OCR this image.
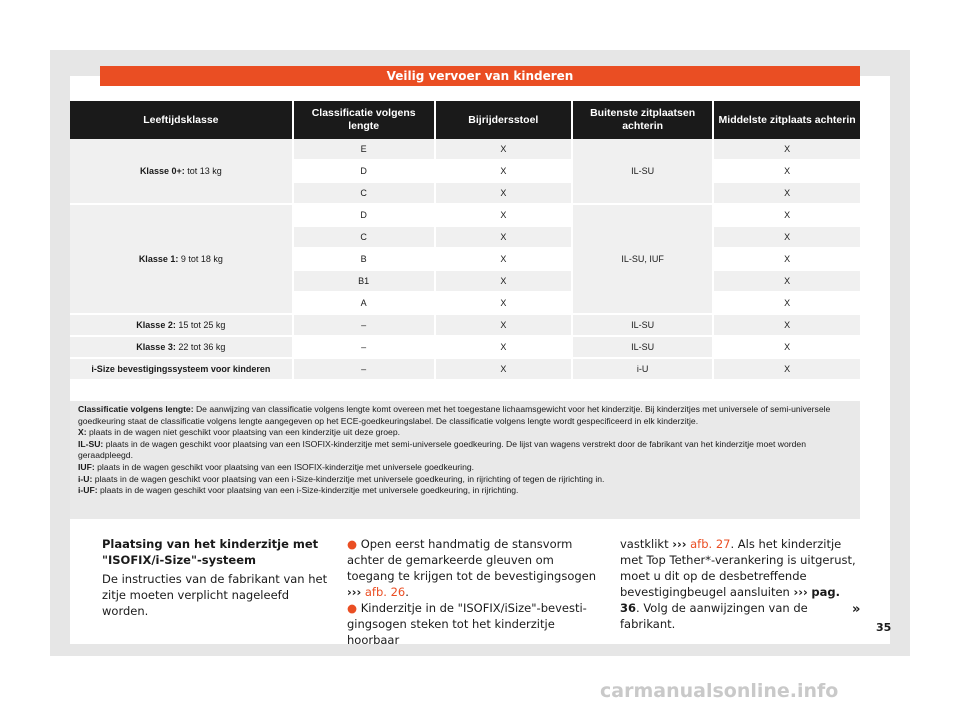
Veilig vervoer van kinderen
Leeftijdsklasse	Classificatie volgens lengte	Bijrijdersstoel	Buitenste zitplaatsen achterin	Middelste zitplaats achterin
Klasse 0+: tot 13 kg	E	X	IL-SU	X
	D	X		X
	C	X		X
Klasse 1: 9 tot 18 kg	D	X	IL-SU, IUF	X
	C	X		X
	B	X		X
	B1	X		X
	A	X		X
Klasse 2: 15 tot 25 kg	–	X	IL-SU	X
Klasse 3: 22 tot 36 kg	–	X	IL-SU	X
i-Size bevestigingssysteem voor kinderen	–	X	i-U	X

Classificatie volgens lengte: De aanwijzing van classificatie volgens lengte komt overeen met het toegestane lichaamsgewicht voor het kinderzitje. Bij kinderzitjes met universele of semi-universele goedkeuring staat de classificatie volgens lengte aangegeven op het ECE-goedkeuringslabel. De classificatie volgens lengte wordt gespecificeerd in elk kinderzitje.

X: plaats in de wagen niet geschikt voor plaatsing van een kinderzitje uit deze groep.

IL-SU: plaats in de wagen geschikt voor plaatsing van een ISOFIX-kinderzitje met semi-universele goedkeuring. De lijst van wagens verstrekt door de fabrikant van het kinderzitje moet worden geraadpleegd.

IUF: plaats in de wagen geschikt voor plaatsing van een ISOFIX-kinderzitje met universele goedkeuring.

i-U: plaats in de wagen geschikt voor plaatsing van een i-Size-kinderzitje met universele goedkeuring, in rijrichting of tegen de rijrichting in.

i-UF: plaats in de wagen geschikt voor plaatsing van een i-Size-kinderzitje met universele goedkeuring, in rijrichting.

Plaatsing van het kinderzitje met "ISOFIX/i-Size"-systeem

De instructies van de fabrikant van het zitje moeten verplicht nageleefd worden.

● Open eerst handmatig de stansvorm achter de gemarkeerde gleuven om toegang te krijgen tot de bevestigingsogen ››› afb. 26.
● Kinderzitje in de "ISOFIX/iSize"-bevestigingsogen steken tot het kinderzitje hoorbaar
vastklikt ››› afb. 27. Als het kinderzitje met Top Tether*-verankering is uitgerust, moet u dit op de desbetreffende bevestigingbeugel aansluiten ››› pag. 36. Volg de aanwijzingen van de fabrikant.
»
35
carmanualsonline.info
